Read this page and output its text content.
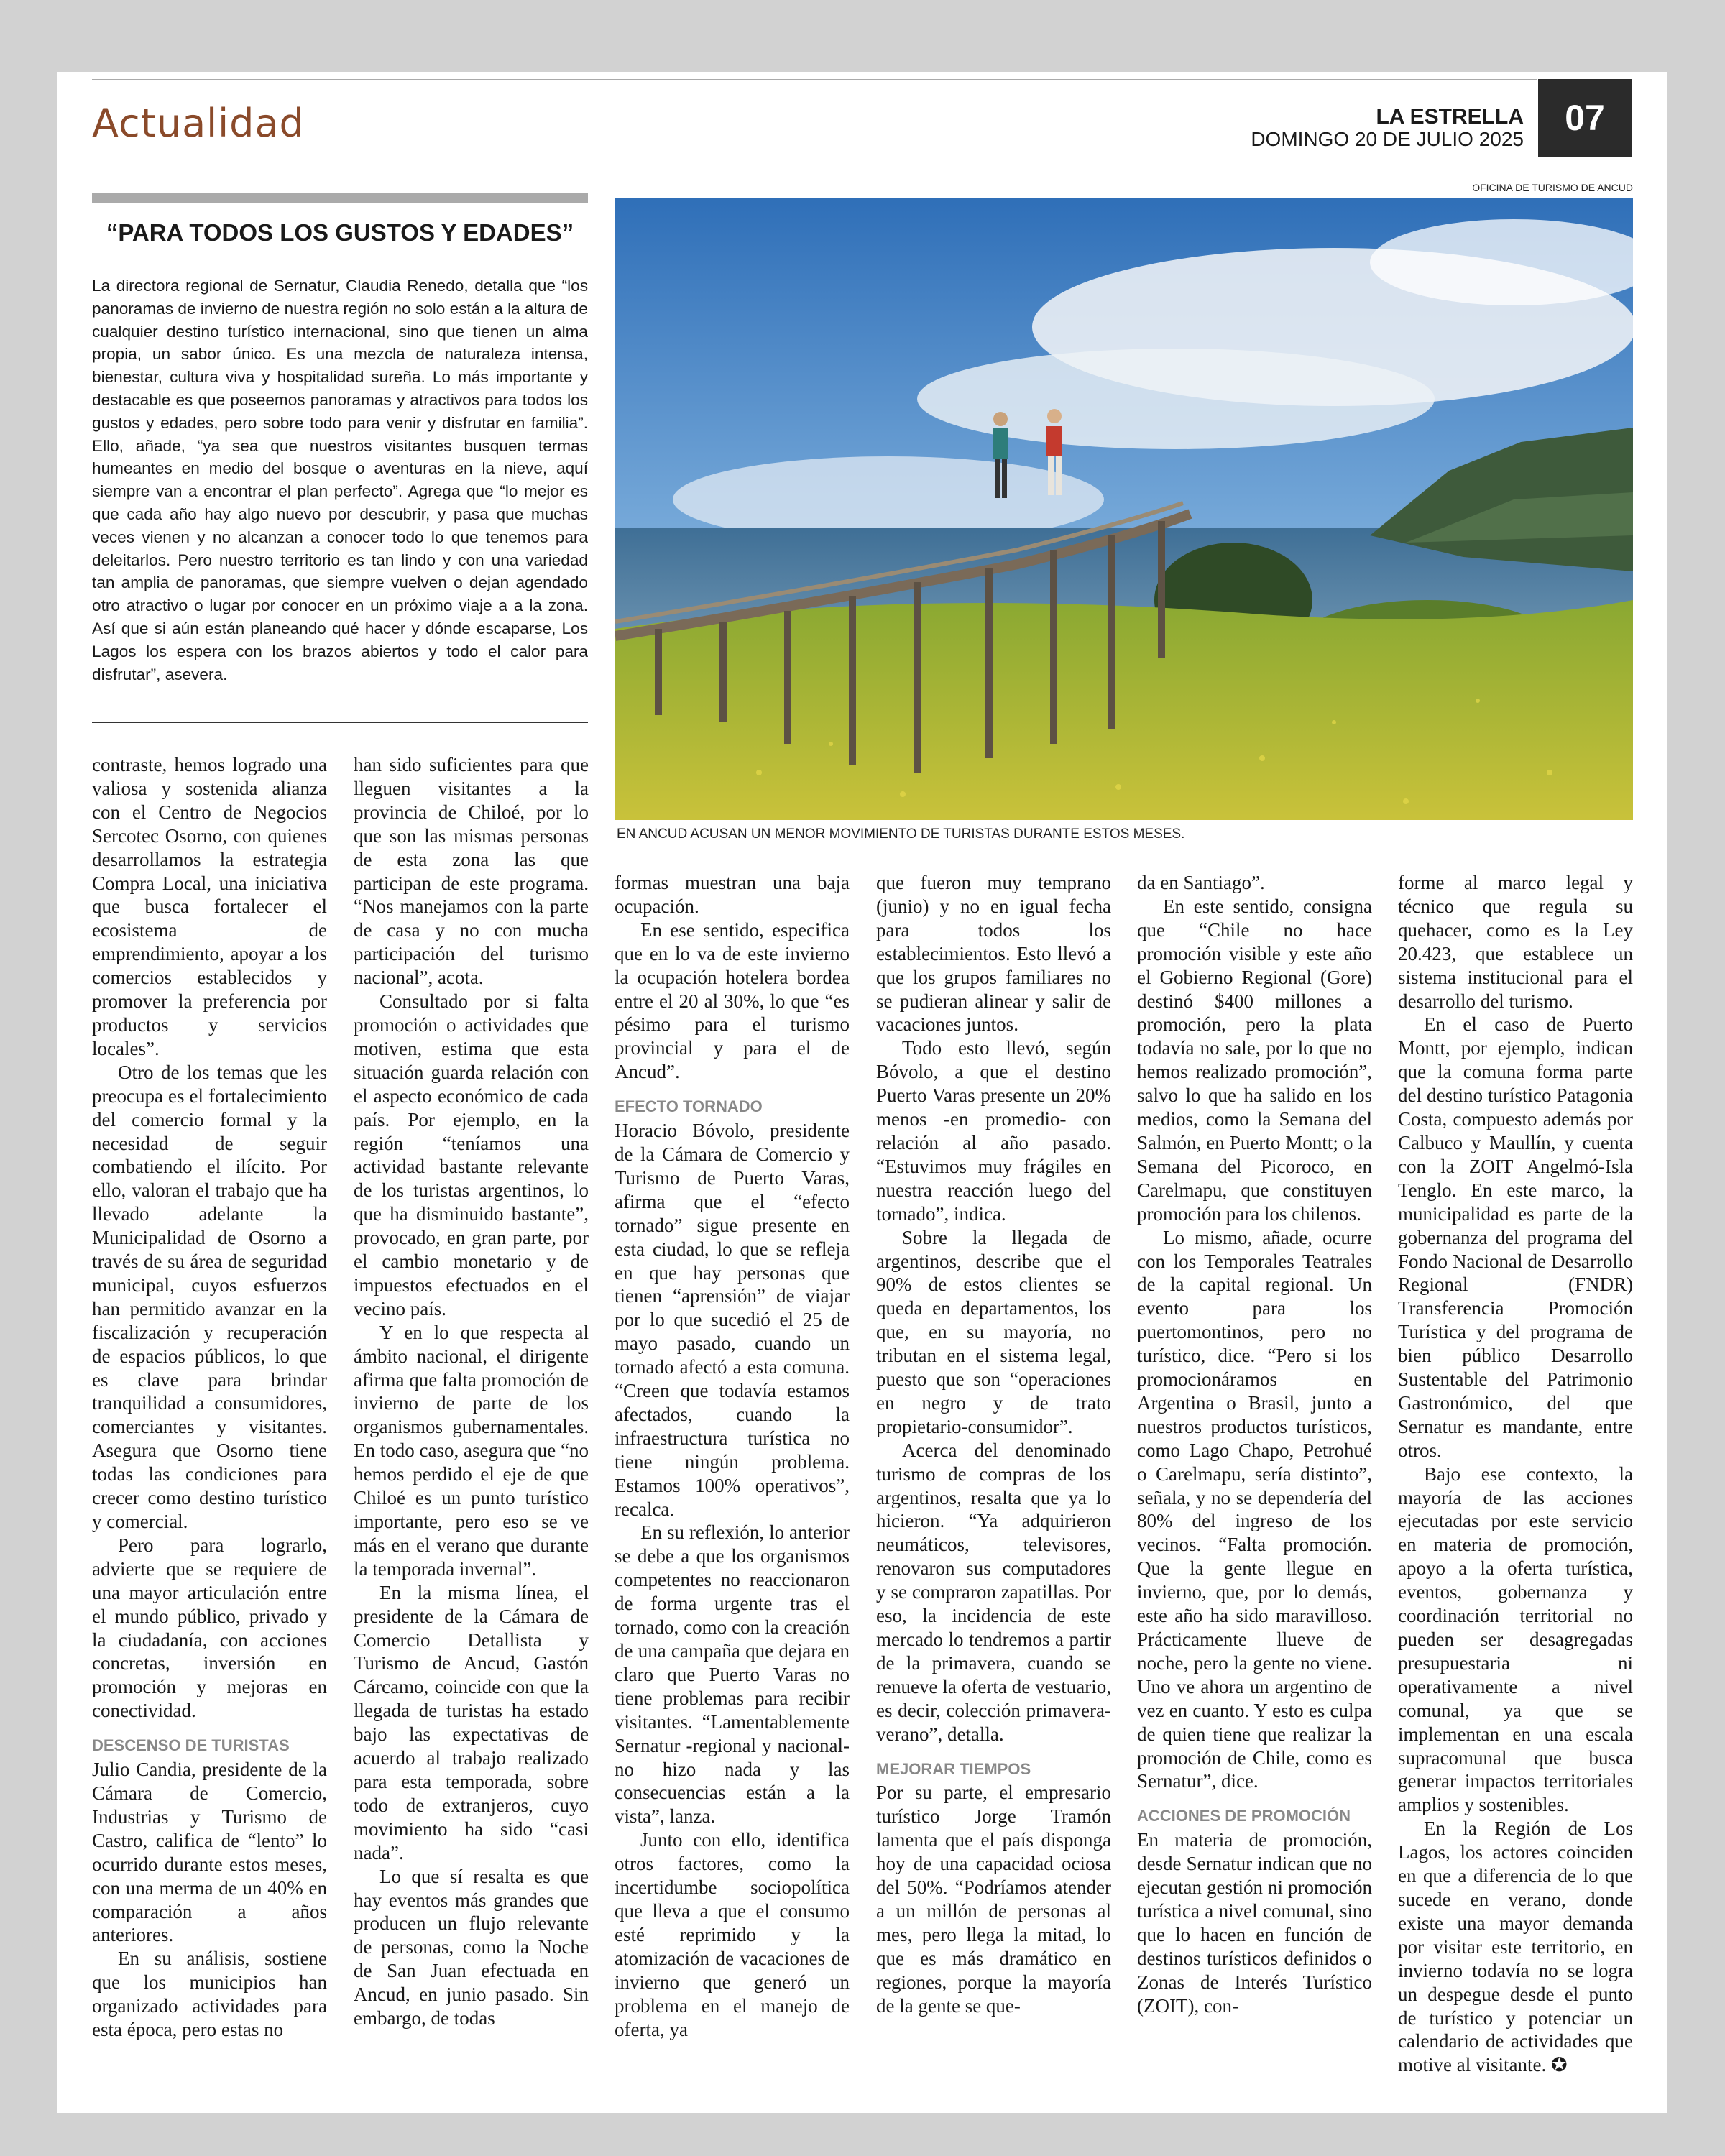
Actualidad	LA ESTRELLA
DOMINGO 20 DE JULIO 2025
07
OFICINA DE TURISMO DE ANCUD
“PARA TODOS LOS GUSTOS Y EDADES”
La directora regional de Sernatur, Claudia Renedo, detalla que “los panoramas de invierno de nuestra región no solo están a la altura de cualquier destino turístico internacional, sino que tienen un alma propia, un sabor único. Es una mezcla de naturaleza intensa, bienestar, cultura viva y hospitalidad sureña. Lo más importante y destacable es que poseemos panoramas y atractivos para todos los gustos y edades, pero sobre todo para venir y disfrutar en familia”. Ello, añade, “ya sea que nuestros visitantes busquen termas humeantes en medio del bosque o aventuras en la nieve, aquí siempre van a encontrar el plan perfecto”. Agrega que “lo mejor es que cada año hay algo nuevo por descubrir, y pasa que muchas veces vienen y no alcanzan a conocer todo lo que tenemos para deleitarlos. Pero nuestro territorio es tan lindo y con una variedad tan amplia de panoramas, que siempre vuelven o dejan agendado otro atractivo o lugar por conocer en un próximo viaje a a la zona. Así que si aún están planeando qué hacer y dónde escaparse, Los Lagos los espera con los brazos abiertos y todo el calor para disfrutar”, asevera.
EN ANCUD ACUSAN UN MENOR MOVIMIENTO DE TURISTAS DURANTE ESTOS MESES.

contraste, hemos logrado una valiosa y sostenida alianza con el Centro de Negocios Sercotec Osorno, con quienes desarrollamos la estrategia Compra Local, una iniciativa que busca fortalecer el ecosistema de emprendimiento, apoyar a los comercios establecidos y promover la preferencia por productos y servicios locales”.

Otro de los temas que les preocupa es el fortalecimiento del comercio formal y la necesidad de seguir combatiendo el ilícito. Por ello, valoran el trabajo que ha llevado adelante la Municipalidad de Osorno a través de su área de seguridad municipal, cuyos esfuerzos han permitido avanzar en la fiscalización y recuperación de espacios públicos, lo que es clave para brindar tranquilidad a consumidores, comerciantes y visitantes. Asegura que Osorno tiene todas las condiciones para crecer como destino turístico y comercial.

Pero para lograrlo, advierte que se requiere de una mayor articulación entre el mundo público, privado y la ciudadanía, con acciones concretas, inversión en promoción y mejoras en conectividad.

DESCENSO DE TURISTAS

Julio Candia, presidente de la Cámara de Comercio, Industrias y Turismo de Castro, califica de “lento” lo ocurrido durante estos meses, con una merma de un 40% en comparación a años anteriores.

En su análisis, sostiene que los municipios han organizado actividades para esta época, pero estas no

han sido suficientes para que lleguen visitantes a la provincia de Chiloé, por lo que son las mismas personas de esta zona las que participan de este programa. “Nos manejamos con la parte de casa y no con mucha participación del turismo nacional”, acota.

Consultado por si falta promoción o actividades que motiven, estima que esta situación guarda relación con el aspecto económico de cada país. Por ejemplo, en la región “teníamos una actividad bastante relevante de los turistas argentinos, lo que ha disminuido bastante”, provocado, en gran parte, por el cambio monetario y de impuestos efectuados en el vecino país.

Y en lo que respecta al ámbito nacional, el dirigente afirma que falta promoción de invierno de parte de los organismos gubernamentales. En todo caso, asegura que “no hemos perdido el eje de que Chiloé es un punto turístico importante, pero eso se ve más en el verano que durante la temporada invernal”.

En la misma línea, el presidente de la Cámara de Comercio Detallista y Turismo de Ancud, Gastón Cárcamo, coincide con que la llegada de turistas ha estado bajo las expectativas de acuerdo al trabajo realizado para esta temporada, sobre todo de extranjeros, cuyo movimiento ha sido “casi nada”.

Lo que sí resalta es que hay eventos más grandes que producen un flujo relevante de personas, como la Noche de San Juan efectuada en Ancud, en junio pasado. Sin embargo, de todas

formas muestran una baja ocupación.

En ese sentido, especifica que en lo va de este invierno la ocupación hotelera bordea entre el 20 al 30%, lo que “es pésimo para el turismo provincial y para el de Ancud”.

EFECTO TORNADO

Horacio Bóvolo, presidente de la Cámara de Comercio y Turismo de Puerto Varas, afirma que el “efecto tornado” sigue presente en esta ciudad, lo que se refleja en que hay personas que tienen “aprensión” de viajar por lo que sucedió el 25 de mayo pasado, cuando un tornado afectó a esta comuna. “Creen que todavía estamos afectados, cuando la infraestructura turística no tiene ningún problema. Estamos 100% operativos”, recalca.

En su reflexión, lo anterior se debe a que los organismos competentes no reaccionaron de forma urgente tras el tornado, como con la creación de una campaña que dejara en claro que Puerto Varas no tiene problemas para recibir visitantes. “Lamentablemente Sernatur -regional y nacional- no hizo nada y las consecuencias están a la vista”, lanza.

Junto con ello, identifica otros factores, como la incertidumbe sociopolítica que lleva a que el consumo esté reprimido y la atomización de vacaciones de invierno que generó un problema en el manejo de oferta, ya

que fueron muy temprano (junio) y no en igual fecha para todos los establecimientos. Esto llevó a que los grupos familiares no se pudieran alinear y salir de vacaciones juntos.

Todo esto llevó, según Bóvolo, a que el destino Puerto Varas presente un 20% menos -en promedio- con relación al año pasado. “Estuvimos muy frágiles en nuestra reacción luego del tornado”, indica.

Sobre la llegada de argentinos, describe que el 90% de estos clientes se queda en departamentos, los que, en su mayoría, no tributan en el sistema legal, puesto que son “operaciones en negro y de trato propietario-consumidor”.

Acerca del denominado turismo de compras de los argentinos, resalta que ya lo hicieron. “Ya adquirieron neumáticos, televisores, renovaron sus computadores y se compraron zapatillas. Por eso, la incidencia de este mercado lo tendremos a partir de la primavera, cuando se renueve la oferta de vestuario, es decir, colección primavera-verano”, detalla.

MEJORAR TIEMPOS

Por su parte, el empresario turístico Jorge Tramón lamenta que el país disponga hoy de una capacidad ociosa del 50%. “Podríamos atender a un millón de personas al mes, pero llega la mitad, lo que es más dramático en regiones, porque la mayoría de la gente se que-

da en Santiago”.

En este sentido, consigna que “Chile no hace promoción visible y este año el Gobierno Regional (Gore) destinó $400 millones a promoción, pero la plata todavía no sale, por lo que no hemos realizado promoción”, salvo lo que ha salido en los medios, como la Semana del Salmón, en Puerto Montt; o la Semana del Picoroco, en Carelmapu, que constituyen promoción para los chilenos.

Lo mismo, añade, ocurre con los Temporales Teatrales de la capital regional. Un evento para los puertomontinos, pero no turístico, dice. “Pero si los promocionáramos en Argentina o Brasil, junto a nuestros productos turísticos, como Lago Chapo, Petrohué o Carelmapu, sería distinto”, señala, y no se dependería del 80% del ingreso de los vecinos. “Falta promoción. Que la gente llegue en invierno, que, por lo demás, este año ha sido maravilloso. Prácticamente llueve de noche, pero la gente no viene. Uno ve ahora un argentino de vez en cuanto. Y esto es culpa de quien tiene que realizar la promoción de Chile, como es Sernatur”, dice.

ACCIONES DE PROMOCIÓN

En materia de promoción, desde Sernatur indican que no ejecutan gestión ni promoción turística a nivel comunal, sino que lo hacen en función de destinos turísticos definidos o Zonas de Interés Turístico (ZOIT), con-

forme al marco legal y técnico que regula su quehacer, como es la Ley 20.423, que establece un sistema institucional para el desarrollo del turismo.

En el caso de Puerto Montt, por ejemplo, indican que la comuna forma parte del destino turístico Patagonia Costa, compuesto además por Calbuco y Maullín, y cuenta con la ZOIT Angelmó-Isla Tenglo. En este marco, la municipalidad es parte de la gobernanza del programa del Fondo Nacional de Desarrollo Regional (FNDR) Transferencia Promoción Turística y del programa de bien público Desarrollo Sustentable del Patrimonio Gastronómico, del que Sernatur es mandante, entre otros.

Bajo ese contexto, la mayoría de las acciones ejecutadas por este servicio en materia de promoción, apoyo a la oferta turística, eventos, gobernanza y coordinación territorial no pueden ser desagregadas presupuestaria ni operativamente a nivel comunal, ya que se implementan en una escala supracomunal que busca generar impactos territoriales amplios y sostenibles.

En la Región de Los Lagos, los actores coinciden en que a diferencia de lo que sucede en verano, donde existe una mayor demanda por visitar este territorio, en invierno todavía no se logra un despegue desde el punto de turístico y potenciar un calendario de actividades que motive al visitante. ✪
